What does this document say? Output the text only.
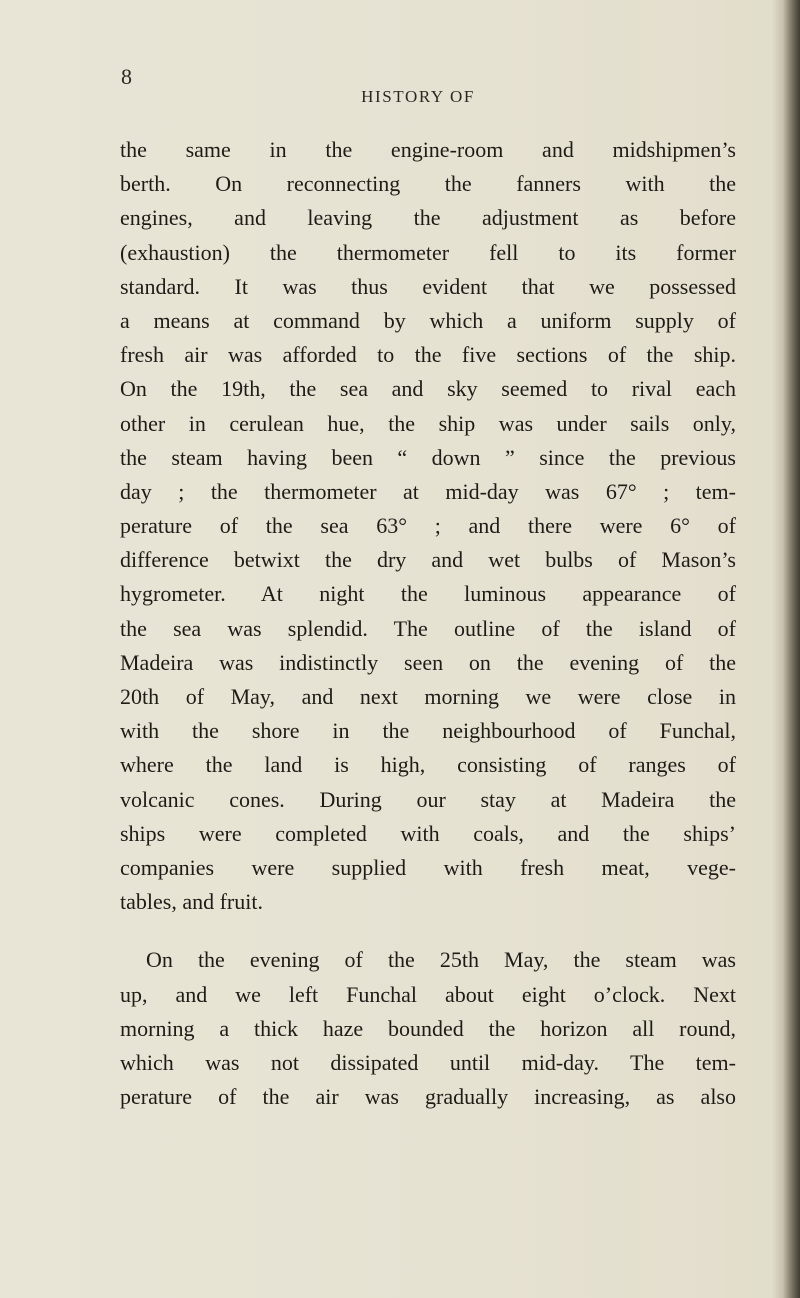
8
HISTORY OF
the same in the engine-room and midshipmen’s
berth. On reconnecting the fanners with the
engines, and leaving the adjustment as before
(exhaustion) the thermometer fell to its former
standard. It was thus evident that we possessed
a means at command by which a uniform supply of
fresh air was afforded to the five sections of the ship.
On the 19th, the sea and sky seemed to rival each
other in cerulean hue, the ship was under sails only,
the steam having been “ down ” since the previous
day ; the thermometer at mid-day was 67° ; tem-
perature of the sea 63° ; and there were 6° of
difference betwixt the dry and wet bulbs of Mason’s
hygrometer. At night the luminous appearance of
the sea was splendid. The outline of the island of
Madeira was indistinctly seen on the evening of the
20th of May, and next morning we were close in
with the shore in the neighbourhood of Funchal,
where the land is high, consisting of ranges of
volcanic cones. During our stay at Madeira the
ships were completed with coals, and the ships’
companies were supplied with fresh meat, vege-
tables, and fruit.
On the evening of the 25th May, the steam was
up, and we left Funchal about eight o’clock. Next
morning a thick haze bounded the horizon all round,
which was not dissipated until mid-day. The tem-
perature of the air was gradually increasing, as also
